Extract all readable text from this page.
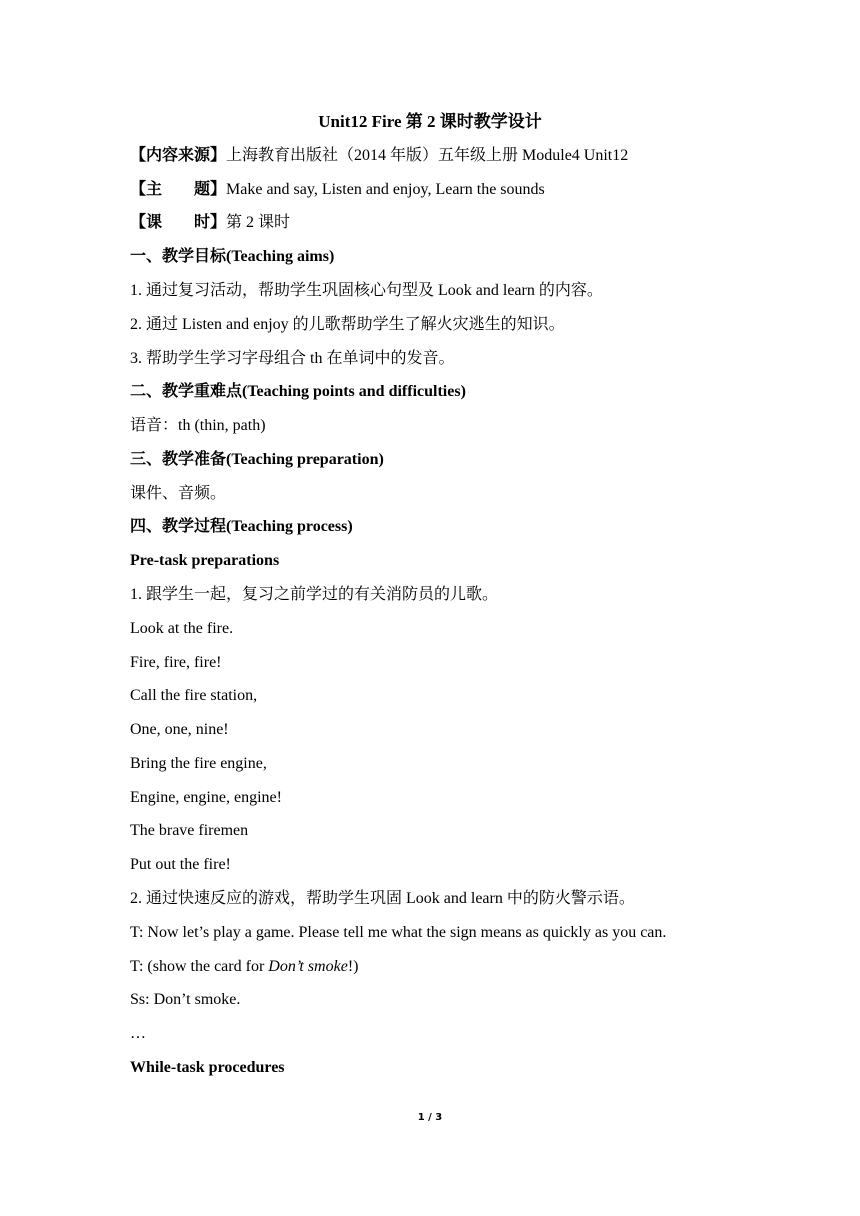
Unit12 Fire 第 2 课时教学设计
【内容来源】上海教育出版社（2014 年版）五年级上册 Module4 Unit12
【主　　题】Make and say, Listen and enjoy, Learn the sounds
【课　　时】第 2 课时
一、教学目标(Teaching aims)
1. 通过复习活动，帮助学生巩固核心句型及 Look and learn 的内容。
2. 通过 Listen and enjoy 的儿歌帮助学生了解火灾逃生的知识。
3. 帮助学生学习字母组合 th 在单词中的发音。
二、教学重难点(Teaching points and difficulties)
语音：th (thin, path)
三、教学准备(Teaching preparation)
课件、音频。
四、教学过程(Teaching process)
Pre-task preparations
1. 跟学生一起，复习之前学过的有关消防员的儿歌。
Look at the fire.
Fire, fire, fire!
Call the fire station,
One, one, nine!
Bring the fire engine,
Engine, engine, engine!
The brave firemen
Put out the fire!
2. 通过快速反应的游戏，帮助学生巩固 Look and learn 中的防火警示语。
T: Now let’s play a game. Please tell me what the sign means as quickly as you can.
T: (show the card for Don’t smoke!)
Ss: Don’t smoke.
…
While-task procedures
1 / 3
